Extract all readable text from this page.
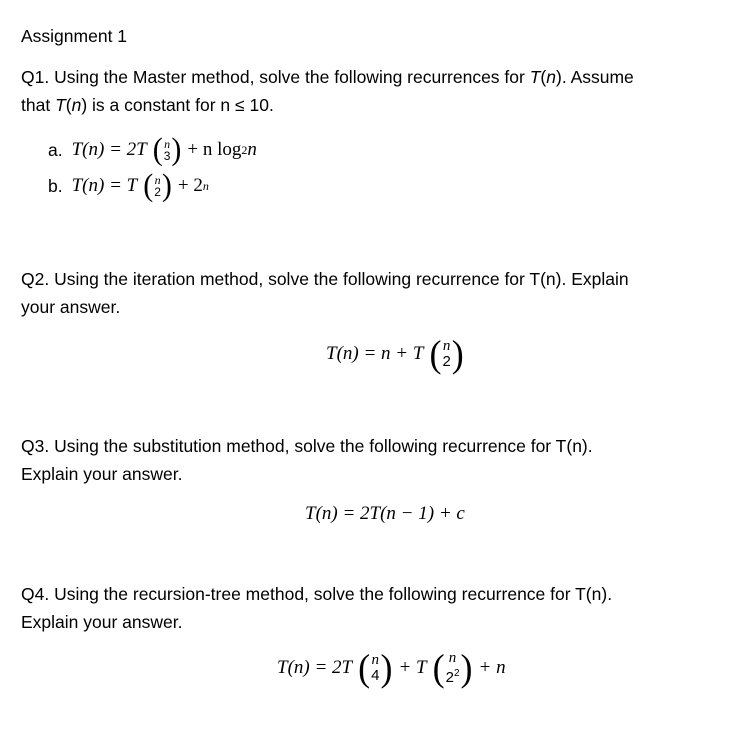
Assignment 1
Q1. Using the Master method, solve the following recurrences for T(n). Assume
that T(n) is a constant for n ≤ 10.
a. T(n) = 2T ( n
3 ) + n log 2 n
b. T(n) = T ( n
2 ) + 2 n
Q2. Using the iteration method, solve the following recurrence for T(n). Explain
your answer.
T(n) = n + T ( n
2 )
Q3. Using the substitution method, solve the following recurrence for T(n).
Explain your answer.
T(n) = 2T(n − 1) + c
Q4. Using the recursion-tree method, solve the following recurrence for T(n).
Explain your answer.
T(n) = 2T ( n
4 ) + T ( n
$2^2$ ) + n
